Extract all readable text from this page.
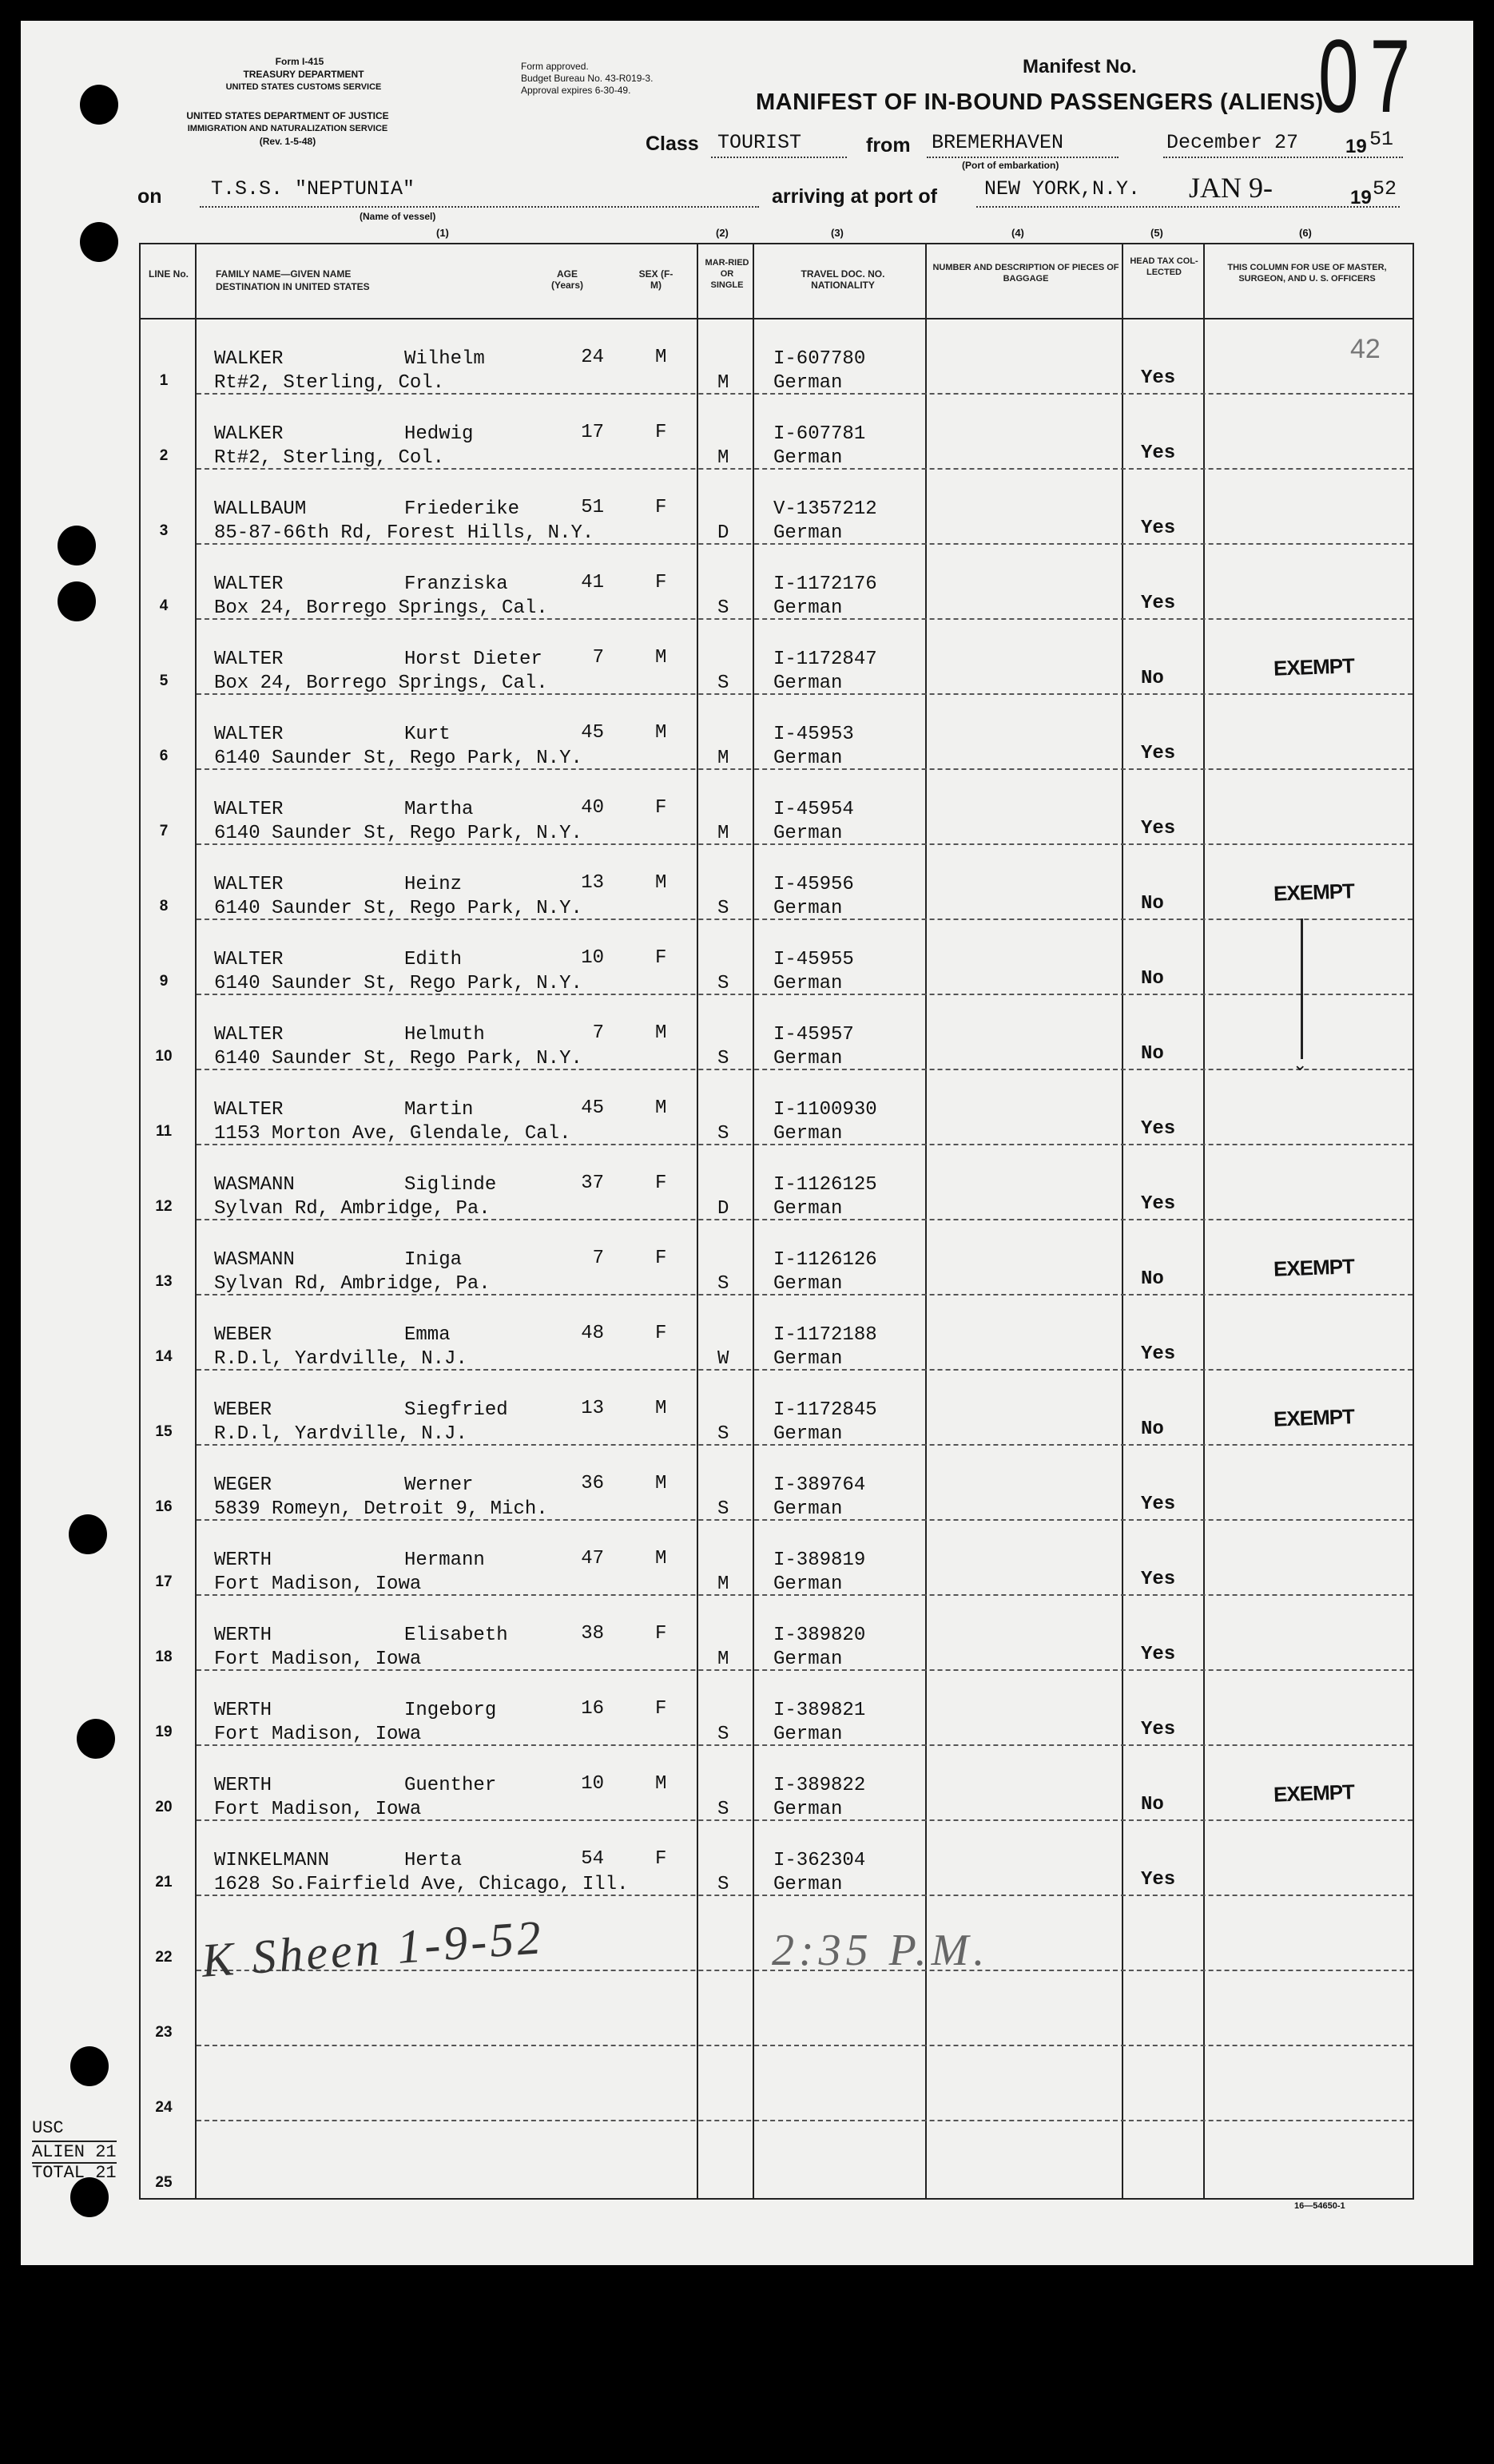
Form I-415
TREASURY DEPARTMENT
UNITED STATES CUSTOMS SERVICE
UNITED STATES DEPARTMENT OF JUSTICE
IMMIGRATION AND NATURALIZATION SERVICE
(Rev. 1-5-48)
Form approved.
Budget Bureau No. 43-R019-3.
Approval expires 6-30-49.
Manifest No. 07
MANIFEST OF IN-BOUND PASSENGERS (ALIENS)
Class TOURIST	from BREMERHAVEN
(Port of embarkation)
December 27 19 51
on T.S.S. "NEPTUNIA"
(Name of vessel)
arriving at port of NEW YORK,N.Y. JAN 9-	19 52
(1)	(2)	(3)	(4)	(5)	(6)
LINE No.	FAMILY NAME—GIVEN NAME
DESTINATION IN UNITED STATES
AGE (Years)
SEX (F-M)
MAR-RIED OR SINGLE
TRAVEL DOC. NO. NATIONALITY
NUMBER AND DESCRIPTION OF PIECES OF BAGGAGE
HEAD TAX COL-LECTED	THIS COLUMN FOR USE OF MASTER, SURGEON, AND U. S. OFFICERS
1
WALKER	Wilhelm	24	M
Rt#2, Sterling, Col.	M
I-607780
German	Yes
2
WALKER	Hedwig	17	F
Rt#2, Sterling, Col.	M
I-607781
German	Yes
3
WALLBAUM	Friederike	51	F
85-87-66th Rd, Forest Hills, N.Y.	D
V-1357212
German	Yes
4
WALTER	Franziska	41	F
Box 24, Borrego Springs, Cal.	S
I-1172176
German	Yes
5
WALTER	Horst Dieter	7	M
Box 24, Borrego Springs, Cal.	S
I-1172847
German	No	EXEMPT
6
WALTER	Kurt	45	M
6140 Saunder St, Rego Park, N.Y.	M
I-45953
German	Yes
7
WALTER	Martha	40	F
6140 Saunder St, Rego Park, N.Y.	M
I-45954
German	Yes
8
WALTER	Heinz	13	M
6140 Saunder St, Rego Park, N.Y.	S
I-45956
German	No	EXEMPT
9
WALTER	Edith	10	F
6140 Saunder St, Rego Park, N.Y.	S
I-45955
German	No
10
WALTER	Helmuth	7	M
6140 Saunder St, Rego Park, N.Y.	S
I-45957
German	No
11
WALTER	Martin	45	M
1153 Morton Ave, Glendale, Cal.	S
I-1100930
German	Yes
12
WASMANN	Siglinde	37	F
Sylvan Rd, Ambridge, Pa.	D
I-1126125
German	Yes
13
WASMANN	Iniga	7	F
Sylvan Rd, Ambridge, Pa.	S
I-1126126
German	No	EXEMPT
14
WEBER	Emma	48	F
R.D.l, Yardville, N.J.	W
I-1172188
German	Yes
15
WEBER	Siegfried	13	M
R.D.l, Yardville, N.J.	S
I-1172845
German	No	EXEMPT
16
WEGER	Werner	36	M
5839 Romeyn, Detroit 9, Mich.	S
I-389764
German	Yes
17
WERTH	Hermann	47	M
Fort Madison, Iowa	M
I-389819
German	Yes
18
WERTH	Elisabeth	38	F
Fort Madison, Iowa	M
I-389820
German	Yes
19
WERTH	Ingeborg	16	F
Fort Madison, Iowa	S
I-389821
German	Yes
20
WERTH	Guenther	10	M
Fort Madison, Iowa	S
I-389822
German	No	EXEMPT
21
WINKELMANN	Herta	54	F
1628 So.Fairfield Ave, Chicago, Ill.	S
I-362304
German	Yes
22
23
24
25
USC
ALIEN 21
TOTAL 21
42
K Sheen 1-9-52	2:35 P.M.
⌄
16—54650-1
